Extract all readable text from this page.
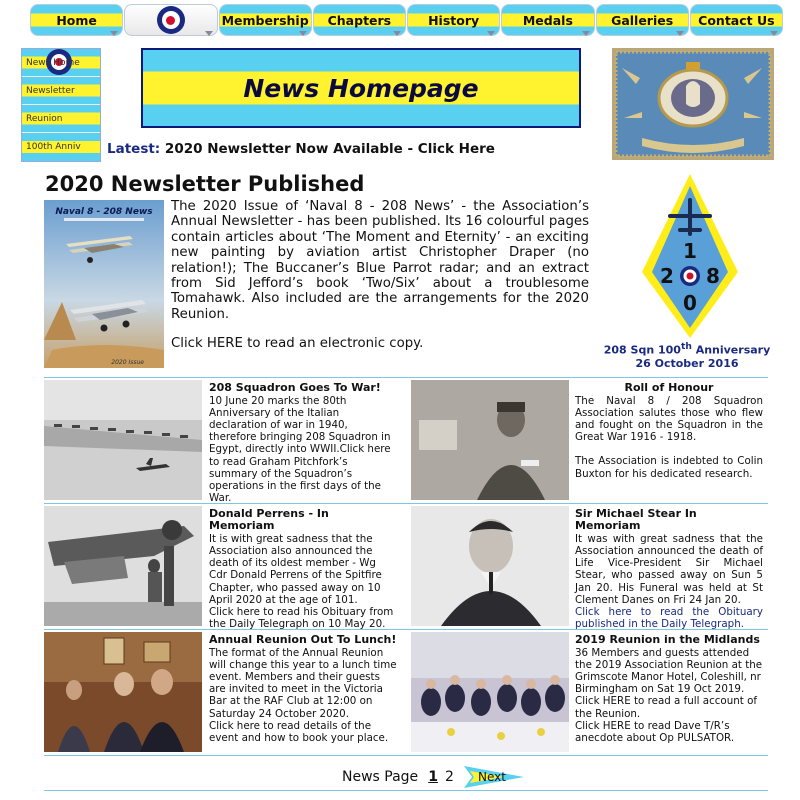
Home	Membership Chapters	History	Medals	Galleries Contact Us
News Home
Newsletter
Reunion
100th Anniv
News Homepage
Latest: 2020 Newsletter Now Available - Click Here
2020 Newsletter Published
Naval 8 - 208 News
2020 Issue

The 2020 Issue of ‘Naval 8 - 208 News’ - the Association’s Annual Newsletter - has been published. Its 16 colourful pages contain articles about ‘The Moment and Eternity’ - an exciting new painting by aviation artist Christopher Draper (no relation!); The Buccaner’s Blue Parrot radar; and an extract from Sid Jefford’s book ‘Two/Six’ about a troublesome Tomahawk. Also included are the arrangements for the 2020 Reunion.

Click HERE to read an electronic copy.

1
2 8
0
208 Sqn 100th Anniversary
26 October 2016
208 Squadron Goes To War!

10 June 20 marks the 80th Anniversary of the Italian declaration of war in 1940, therefore bringing 208 Squadron in Egypt, directly into WWII.Click here to read Graham Pitchfork’s summary of the Squadron’s operations in the first days of the War.

Roll of Honour

The Naval 8 / 208 Squadron Association salutes those who flew and fought on the Squadron in the Great War 1916 - 1918.

The Association is indebted to Colin Buxton for his dedicated research.

Donald Perrens - In Memoriam

It is with great sadness that the Association also announced the death of its oldest member - Wg Cdr Donald Perrens of the Spitfire Chapter, who passed away on 10 April 2020 at the age of 101.

Click here to read his Obituary from the Daily Telegraph on 10 May 20.

Sir Michael Stear In Memoriam

It was with great sadness that the Association announced the death of Life Vice-President Sir Michael Stear, who passed away on Sun 5 Jan 20. His Funeral was held at St Clement Danes on Fri 24 Jan 20.

Click here to read the Obituary published in the Daily Telegraph.

Annual Reunion Out To Lunch!

The format of the Annual Reunion will change this year to a lunch time event. Members and their guests are invited to meet in the Victoria Bar at the RAF Club at 12:00 on Saturday 24 October 2020.

Click here to read details of the event and how to book your place.

2019 Reunion in the Midlands

36 Members and guests attended the 2019 Association Reunion at the Grimscote Manor Hotel, Coleshill, nr Birmingham on Sat 19 Oct 2019.

Click HERE to read a full account of the Reunion.

Click HERE to read Dave T/R’s anecdote about Op PULSATOR.

News Page 1 2 Next
